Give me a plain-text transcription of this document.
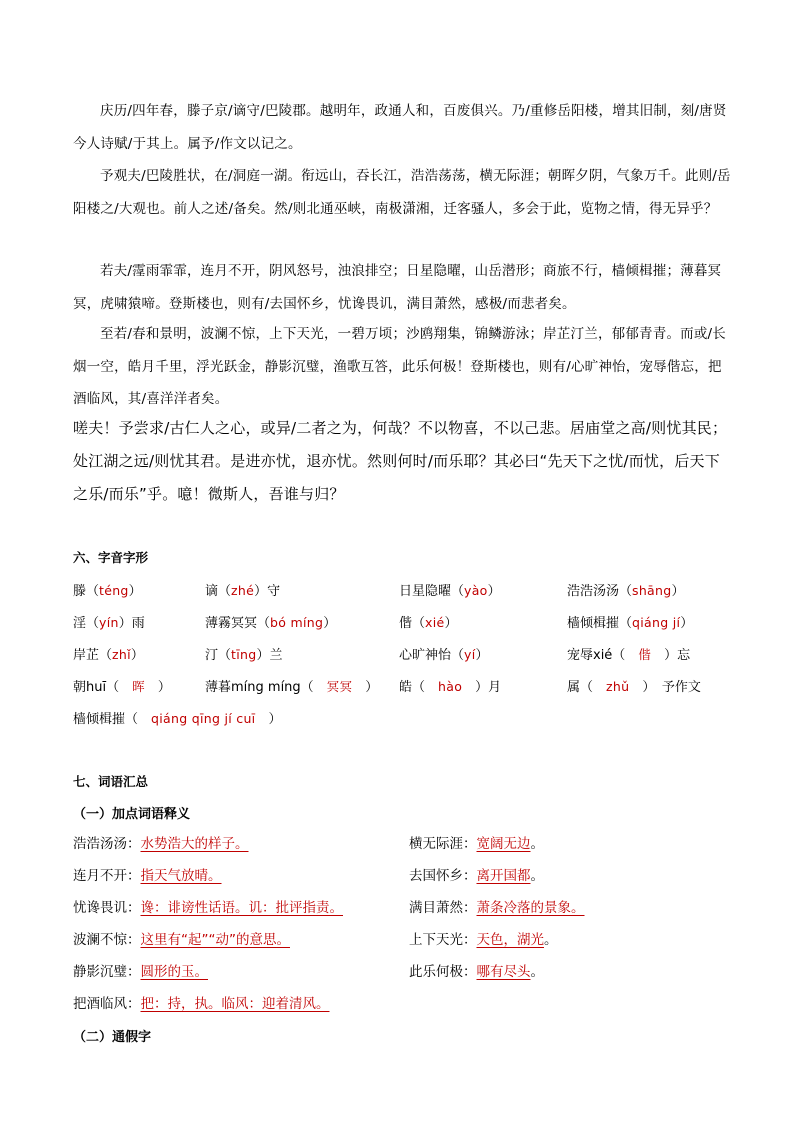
庆历/四年春，滕子京/谪守/巴陵郡。越明年，政通人和，百废俱兴。乃/重修岳阳楼，增其旧制，刻/唐贤今人诗赋/于其上。属予/作文以记之。
予观夫/巴陵胜状，在/洞庭一湖。衔远山，吞长江，浩浩荡荡，横无际涯；朝晖夕阴，气象万千。此则/岳阳楼之/大观也。前人之述/备矣。然/则北通巫峡，南极潇湘，迁客骚人，多会于此，览物之情，得无异乎？
若夫/霪雨霏霏，连月不开，阴风怒号，浊浪排空；日星隐曜，山岳潜形；商旅不行，樯倾楫摧；薄暮冥冥，虎啸猿啼。登斯楼也，则有/去国怀乡，忧谗畏讥，满目萧然，感极/而悲者矣。
至若/春和景明，波澜不惊，上下天光，一碧万顷；沙鸥翔集，锦鳞游泳；岸芷汀兰，郁郁青青。而或/长烟一空，皓月千里，浮光跃金，静影沉璧，渔歌互答，此乐何极！登斯楼也，则有/心旷神怡，宠辱偕忘，把酒临风，其/喜洋洋者矣。
嗟夫！予尝求/古仁人之心，或异/二者之为，何哉？不以物喜，不以己悲。居庙堂之高/则忧其民；处江湖之远/则忧其君。是进亦忧，退亦忧。然则何时/而乐耶？其必曰“先天下之忧/而忧，后天下之乐/而乐”乎。噫！微斯人，吾谁与归？
六、字音字形
滕（téng）	谪（zhé）守	日星隐曜（yào）	浩浩汤汤（shāng）
淫（yín）雨	薄霧冥冥（bó míng）	偕（xié）	樯倾楫摧（qiáng jí）
岸芷（zhǐ）	汀（tīng）兰	心旷神怡（yí）	宠辱xié（　偕　）忘
朝huī（　晖　）	薄暮míng míng（　冥冥　） 皓（　hào　）月	属（　zhǔ　）　予作文
樯倾楫摧（　qiáng qīng jí cuī　）
七、词语汇总
（一）加点词语释义
浩浩汤汤：水势浩大的样子。	横无际涯：宽阔无边。
连月不开：指天气放晴。	去国怀乡：离开国都。
忧谗畏讥：谗：诽谤性话语。讥：批评指责。	满目萧然：萧条冷落的景象。
波澜不惊：这里有“起”“动”的意思。	上下天光：天色，湖光。
静影沉璧：圆形的玉。	此乐何极：哪有尽头。
把酒临风：把：持，执。临风：迎着清风。
（二）通假字
